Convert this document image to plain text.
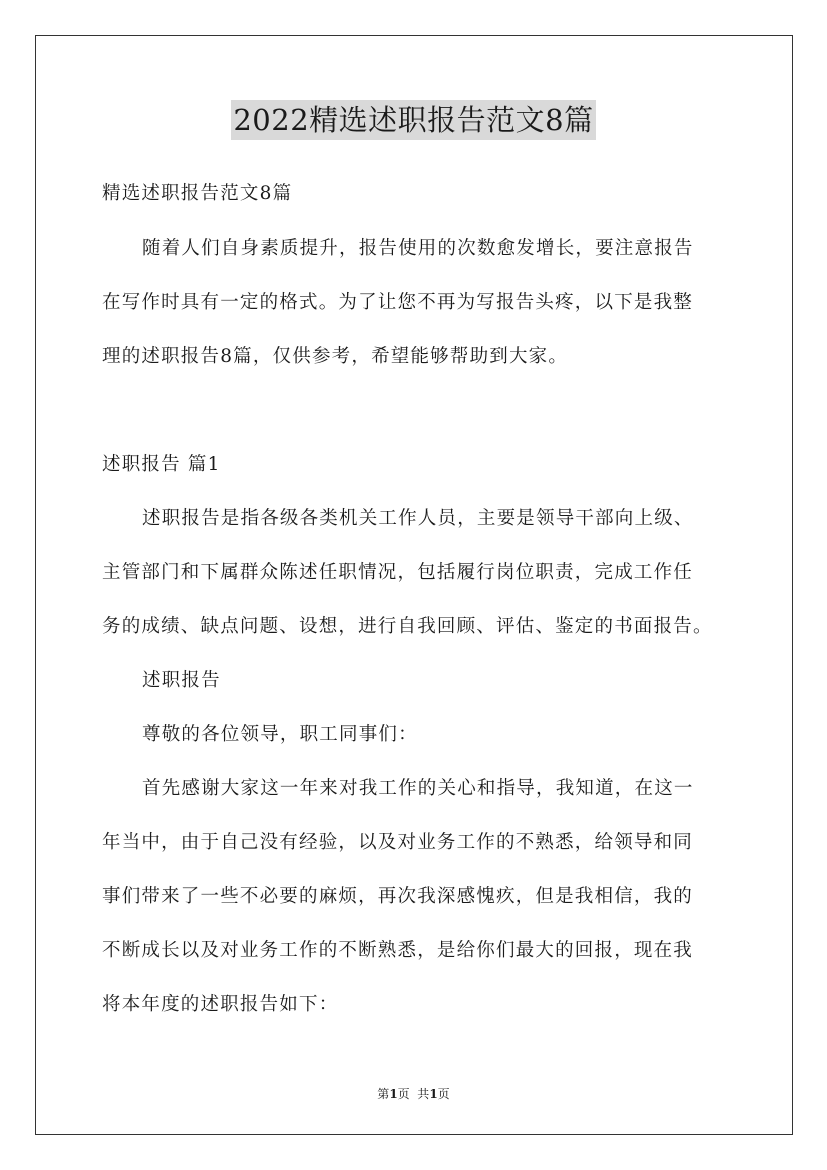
2022精选述职报告范文8篇
精选述职报告范文8篇
随着人们自身素质提升，报告使用的次数愈发增长，要注意报告
在写作时具有一定的格式。为了让您不再为写报告头疼，以下是我整
理的述职报告8篇，仅供参考，希望能够帮助到大家。
述职报告 篇1
述职报告是指各级各类机关工作人员，主要是领导干部向上级、
主管部门和下属群众陈述任职情况，包括履行岗位职责，完成工作任
务的成绩、缺点问题、设想，进行自我回顾、评估、鉴定的书面报告。
述职报告
尊敬的各位领导，职工同事们：
首先感谢大家这一年来对我工作的关心和指导，我知道，在这一
年当中，由于自己没有经验，以及对业务工作的不熟悉，给领导和同
事们带来了一些不必要的麻烦，再次我深感愧疚，但是我相信，我的
不断成长以及对业务工作的不断熟悉，是给你们最大的回报，现在我
将本年度的述职报告如下：
第1页  共1页
